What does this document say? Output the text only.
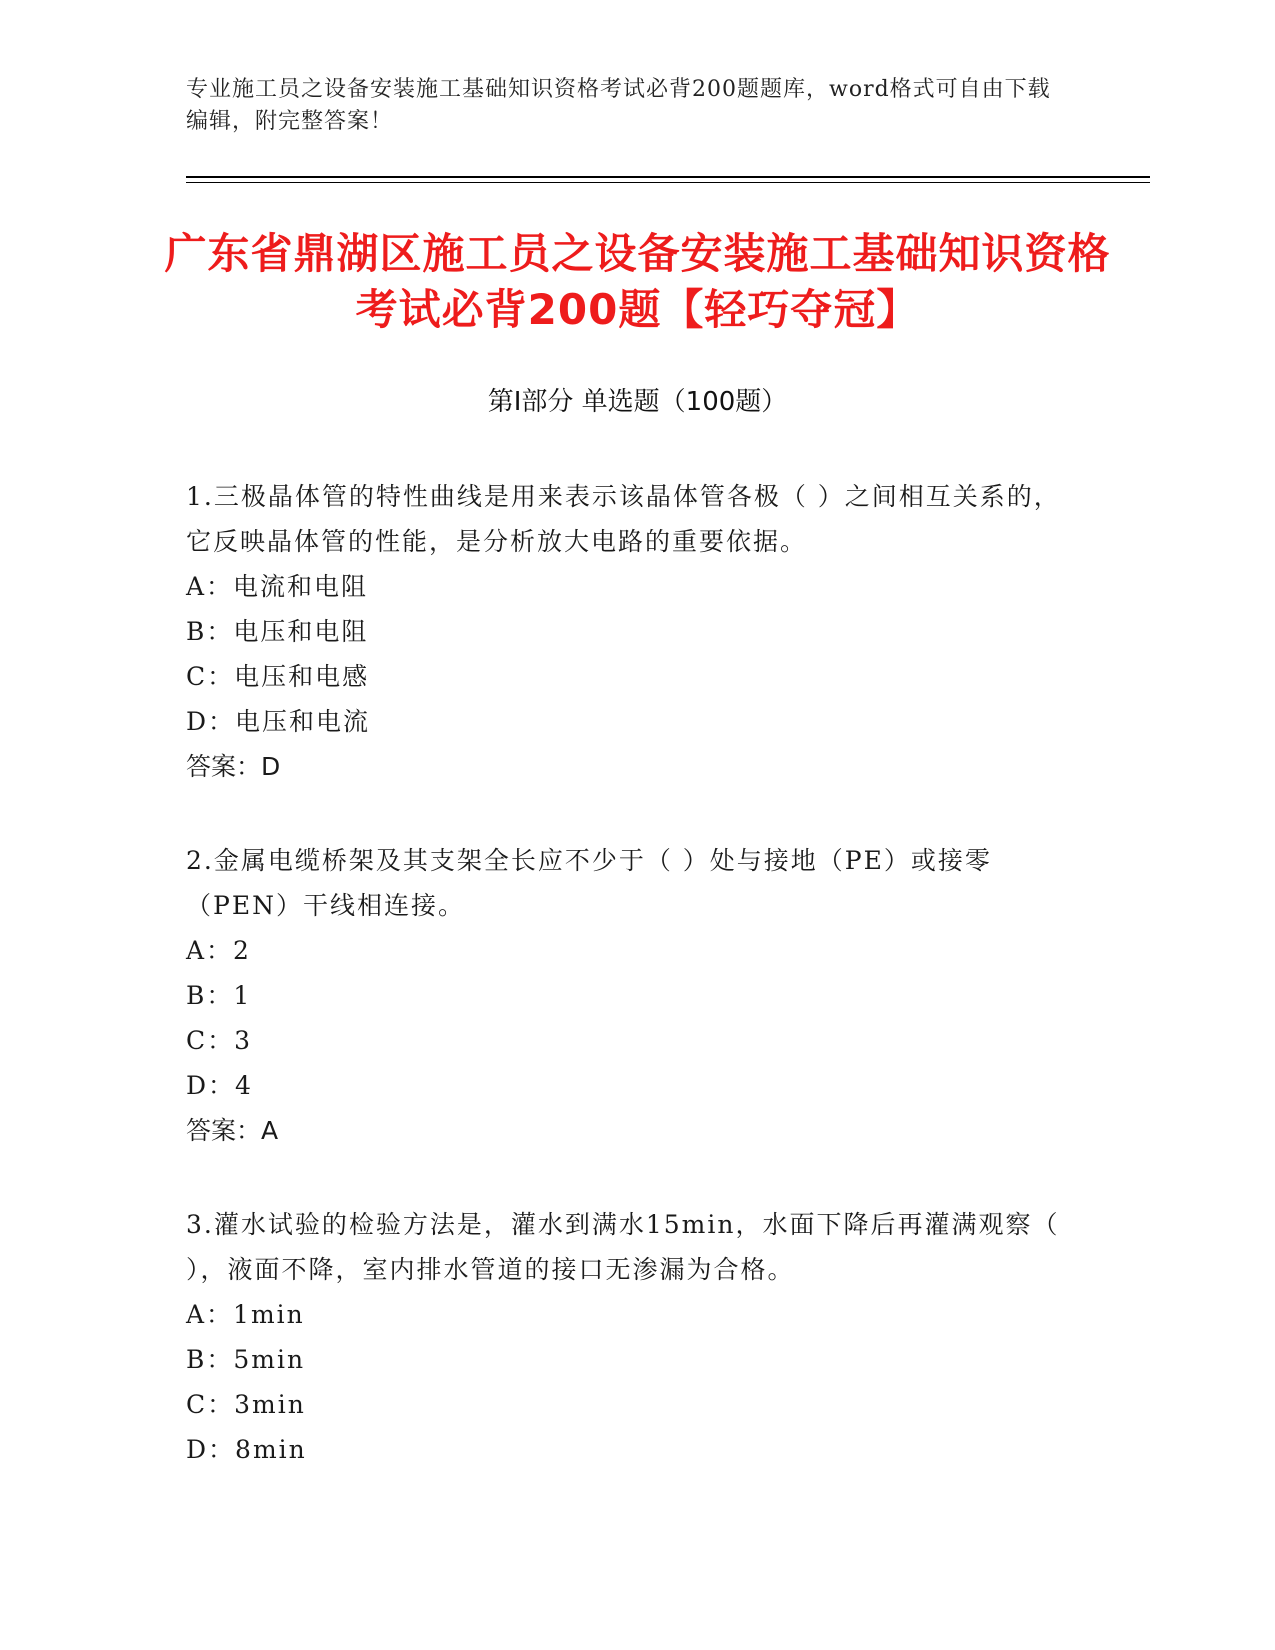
专业施工员之设备安装施工基础知识资格考试必背200题题库，word格式可自由下载编辑，附完整答案！
广东省鼎湖区施工员之设备安装施工基础知识资格考试必背200题【轻巧夺冠】
第Ⅰ部分 单选题（100题）

1.三极晶体管的特性曲线是用来表示该晶体管各极（ ）之间相互关系的，它反映晶体管的性能，是分析放大电路的重要依据。

A：电流和电阻

B：电压和电阻

C：电压和电感

D：电压和电流

答案：D

2.金属电缆桥架及其支架全长应不少于（ ）处与接地（PE）或接零（PEN）干线相连接。

A：2

B：1

C：3

D：4

答案：A

3.灌水试验的检验方法是，灌水到满水15min，水面下降后再灌满观察（ ），液面不降，室内排水管道的接口无渗漏为合格。

A：1min

B：5min

C：3min

D：8min
